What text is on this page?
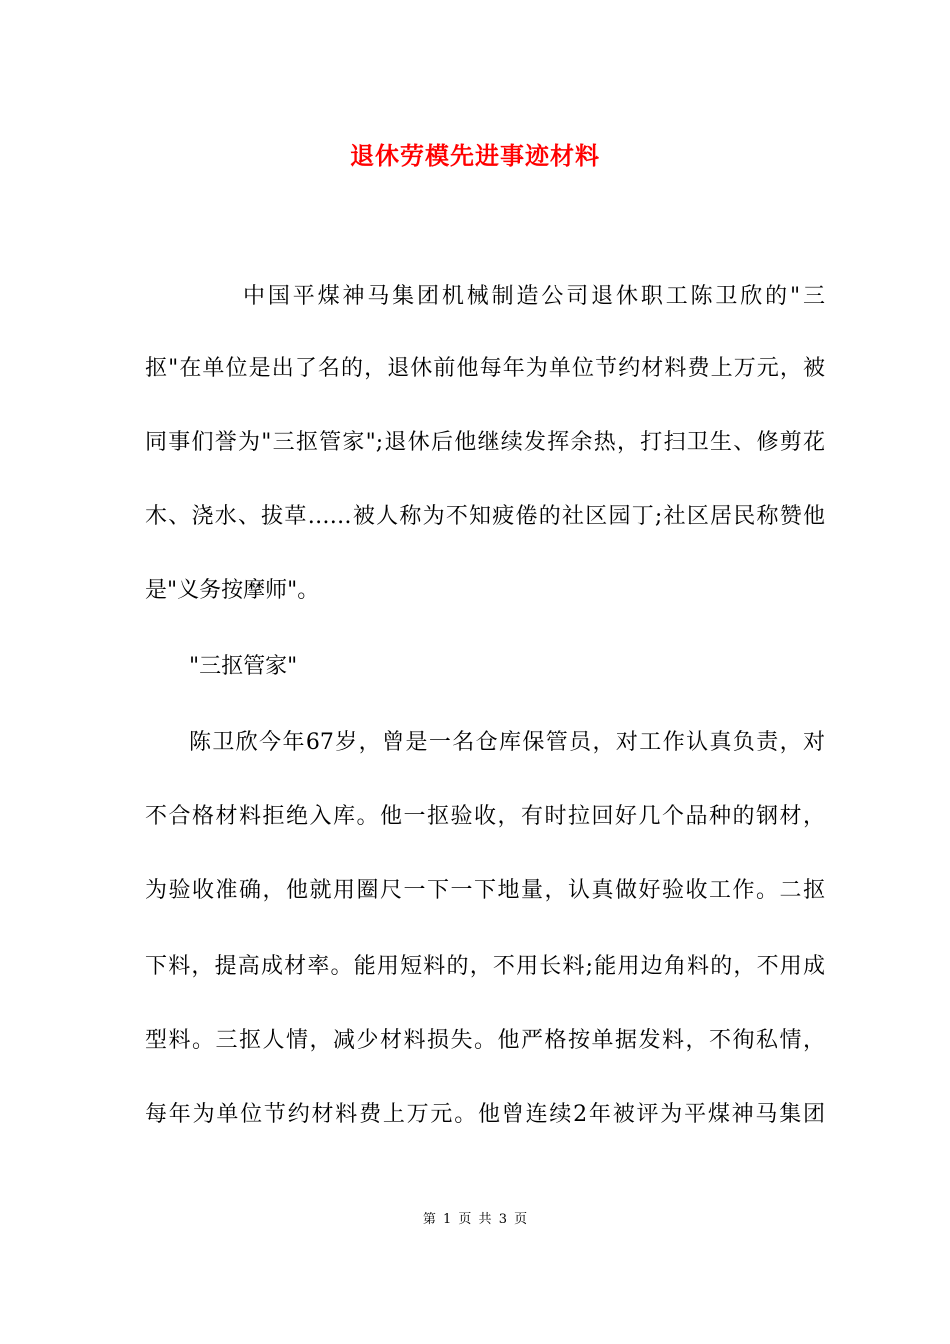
退休劳模先进事迹材料
中国平煤神马集团机械制造公司退休职工陈卫欣的"三
抠"在单位是出了名的，退休前他每年为单位节约材料费上万元，被
同事们誉为"三抠管家";退休后他继续发挥余热，打扫卫生、修剪花
木、浇水、拔草……被人称为不知疲倦的社区园丁;社区居民称赞他
是"义务按摩师"。
"三抠管家"
陈卫欣今年67岁，曾是一名仓库保管员，对工作认真负责，对
不合格材料拒绝入库。他一抠验收，有时拉回好几个品种的钢材，
为验收准确，他就用圈尺一下一下地量，认真做好验收工作。二抠
下料，提高成材率。能用短料的，不用长料;能用边角料的，不用成
型料。三抠人情，减少材料损失。他严格按单据发料，不徇私情，
每年为单位节约材料费上万元。他曾连续2年被评为平煤神马集团
第 1 页 共 3 页
